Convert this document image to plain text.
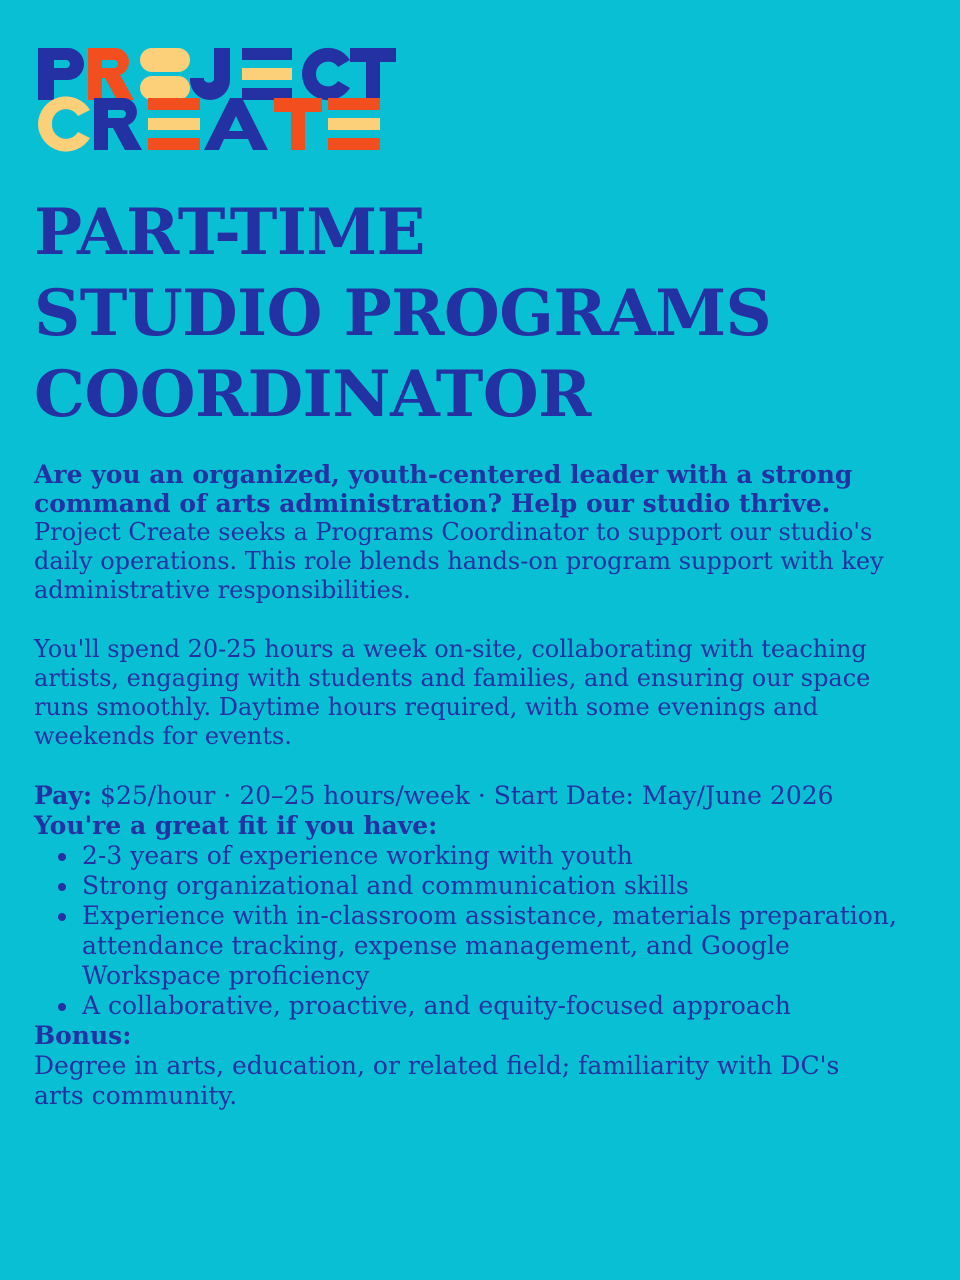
PART-TIME
STUDIO PROGRAMS
COORDINATOR

Are you an organized, youth-centered leader with a strong command of arts administration? Help our studio thrive.

Project Create seeks a Programs Coordinator to support our studio's daily operations. This role blends hands-on program support with key administrative responsibilities.

You'll spend 20-25 hours a week on-site, collaborating with teaching artists, engaging with students and families, and ensuring our space runs smoothly. Daytime hours required, with some evenings and weekends for events.

Pay: $25/hour · 20–25 hours/week · Start Date: May/June 2026

You're a great fit if you have:

2-3 years of experience working with youth
Strong organizational and communication skills
Experience with in-classroom assistance, materials preparation, attendance tracking, expense management, and Google Workspace proficiency
A collaborative, proactive, and equity-focused approach

Bonus:

Degree in arts, education, or related field; familiarity with DC's arts community.
